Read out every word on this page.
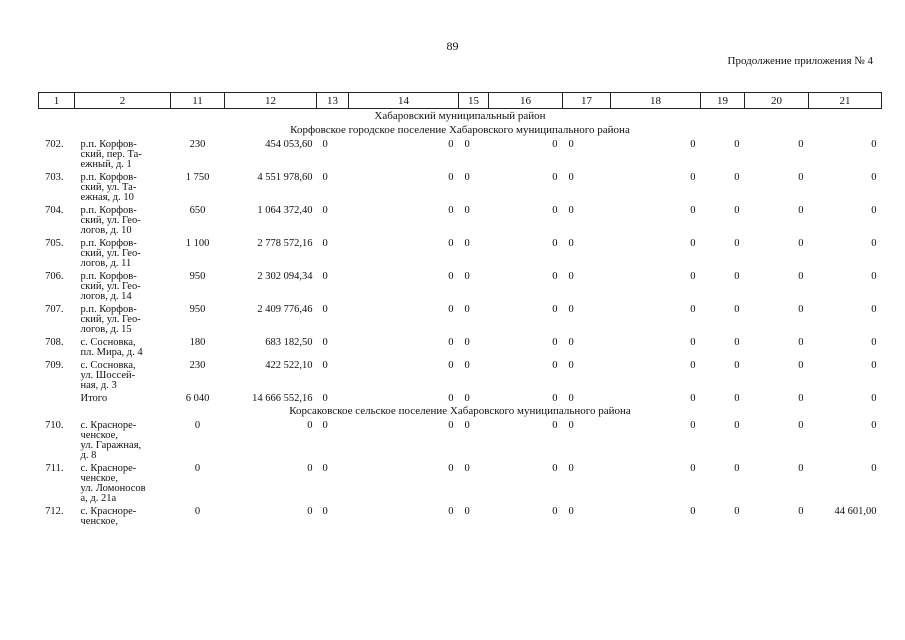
89
Продолжение приложения № 4
1	2	11	12	13	14	15	16	17	18	19	20	21
Хабаровский муниципальный район												
Корфовское городское поселение Хабаровского муниципального района												
702.	р.п. Корфов-
ский, пер. Та-
ежный, д. 1	230	454 053,60	0	0	0	0	0	0	0	0	0
703.	р.п. Корфов-
ский, ул. Та-
ежная, д. 10	1 750	4 551 978,60	0	0	0	0	0	0	0	0	0
704.	р.п. Корфов-
ский, ул. Гео-
логов, д. 10	650	1 064 372,40	0	0	0	0	0	0	0	0	0
705.	р.п. Корфов-
ский, ул. Гео-
логов, д. 11	1 100	2 778 572,16	0	0	0	0	0	0	0	0	0
706.	р.п. Корфов-
ский, ул. Гео-
логов, д. 14	950	2 302 094,34	0	0	0	0	0	0	0	0	0
707.	р.п. Корфов-
ский, ул. Гео-
логов, д. 15	950	2 409 776,46	0	0	0	0	0	0	0	0	0
708.	с. Сосновка,
пл. Мира, д. 4	180	683 182,50	0	0	0	0	0	0	0	0	0
709.	с. Сосновка,
ул. Шоссей-
ная, д. 3	230	422 522,10	0	0	0	0	0	0	0	0	0
	Итого	6 040	14 666 552,16	0	0	0	0	0	0	0	0	0
Корсаковское сельское поселение Хабаровского муниципального района												
710.	с. Красноре-
ченское,
ул. Гаражная,
д. 8	0	0	0	0	0	0	0	0	0	0	0
711.	с. Красноре-
ченское,
ул. Ломоносов
а, д. 21а	0	0	0	0	0	0	0	0	0	0	0
712.	с. Красноре-
ченское,	0	0	0	0	0	0	0	0	0	0	44 601,00
